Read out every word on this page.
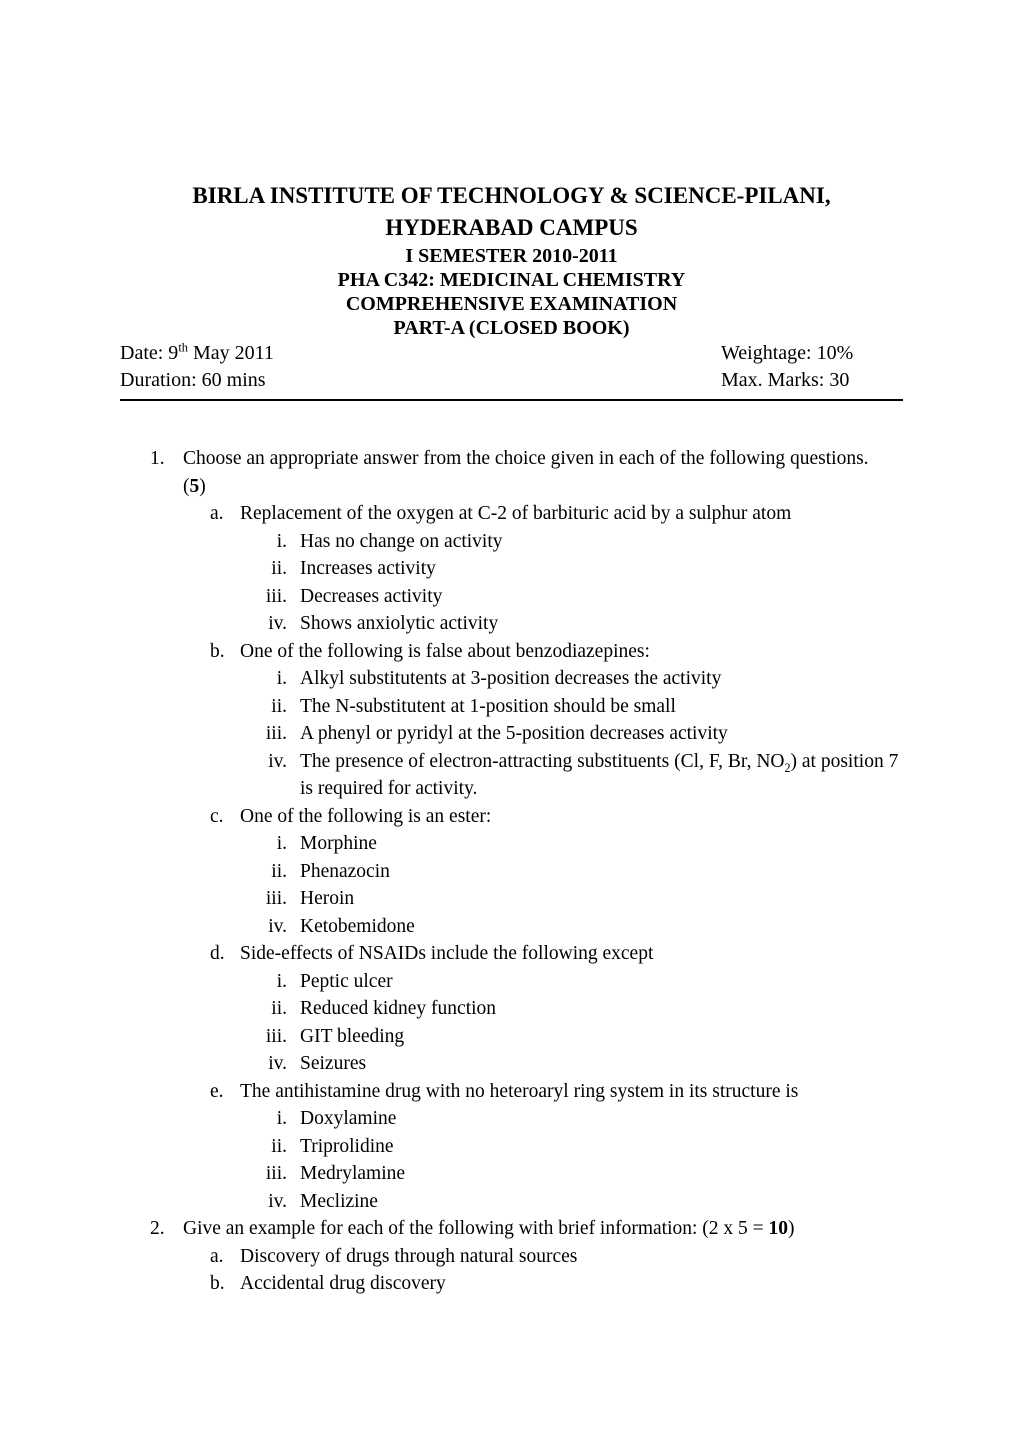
BIRLA INSTITUTE OF TECHNOLOGY & SCIENCE-PILANI,
HYDERABAD CAMPUS
I SEMESTER 2010-2011
PHA C342: MEDICINAL CHEMISTRY
COMPREHENSIVE EXAMINATION
PART-A (CLOSED BOOK)
Date: 9th May 2011	Weightage: 10%
Duration: 60 mins	Max. Marks: 30
1. Choose an appropriate answer from the choice given in each of the following questions.
(5)
a. Replacement of the oxygen at C-2 of barbituric acid by a sulphur atom
i. Has no change on activity
ii. Increases activity
iii. Decreases activity
iv. Shows anxiolytic activity
b. One of the following is false about benzodiazepines:
i. Alkyl substitutents at 3-position decreases the activity
ii. The N-substitutent at 1-position should be small
iii. A phenyl or pyridyl at the 5-position decreases activity
iv. The presence of electron-attracting substituents (Cl, F, Br, $NO_2$) at position 7 is required for activity.
c. One of the following is an ester:
i. Morphine
ii. Phenazocin
iii. Heroin
iv. Ketobemidone
d. Side-effects of NSAIDs include the following except
i. Peptic ulcer
ii. Reduced kidney function
iii. GIT bleeding
iv. Seizures
e. The antihistamine drug with no heteroaryl ring system in its structure is
i. Doxylamine
ii. Triprolidine
iii. Medrylamine
iv. Meclizine
2. Give an example for each of the following with brief information: (2 x 5 = 10)
a. Discovery of drugs through natural sources
b. Accidental drug discovery
